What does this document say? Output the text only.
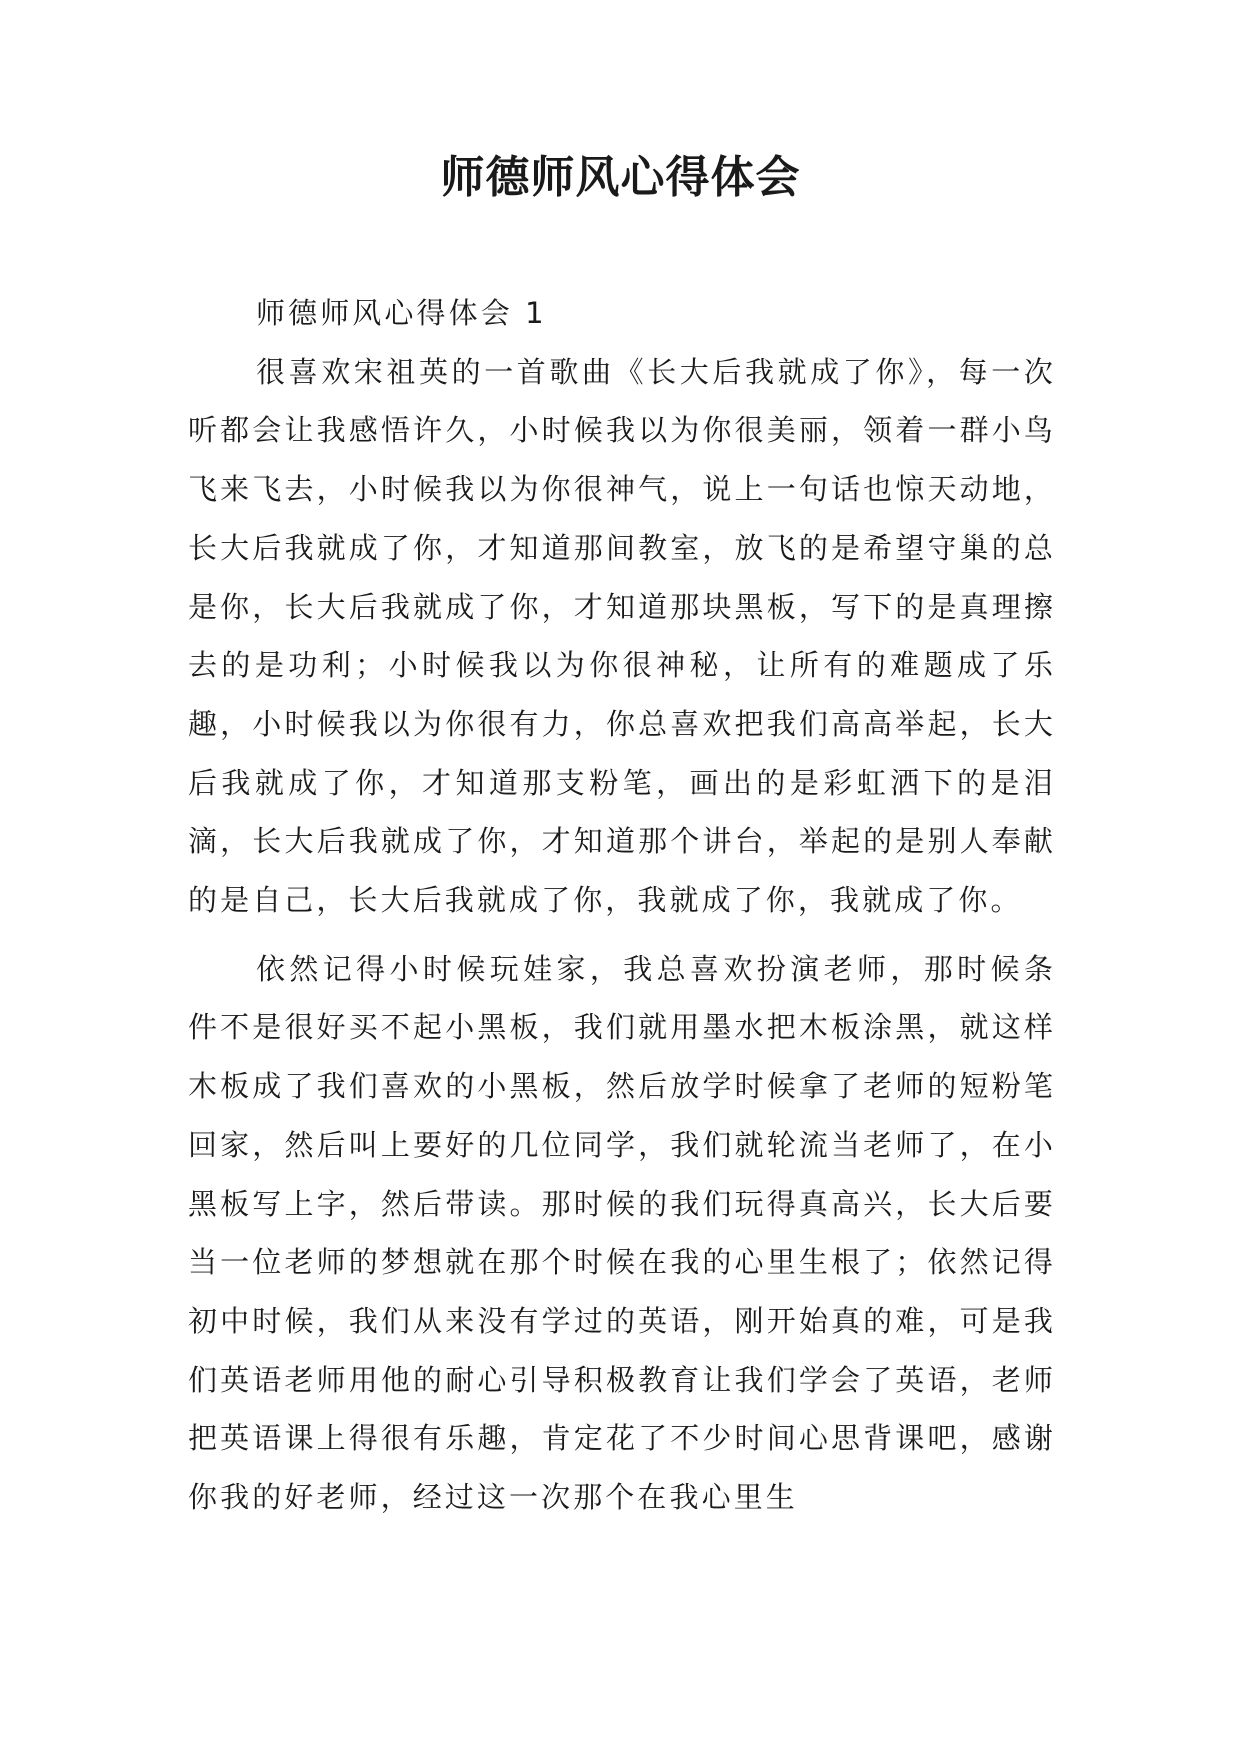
师德师风心得体会

师德师风心得体会 1

很喜欢宋祖英的一首歌曲《长大后我就成了你》，每一次听都会让我感悟许久，小时候我以为你很美丽，领着一群小鸟飞来飞去，小时候我以为你很神气，说上一句话也惊天动地，长大后我就成了你，才知道那间教室，放飞的是希望守巢的总是你，长大后我就成了你，才知道那块黑板，写下的是真理擦去的是功利；小时候我以为你很神秘，让所有的难题成了乐趣，小时候我以为你很有力，你总喜欢把我们高高举起，长大后我就成了你，才知道那支粉笔，画出的是彩虹洒下的是泪滴，长大后我就成了你，才知道那个讲台，举起的是别人奉献的是自己，长大后我就成了你，我就成了你，我就成了你。

依然记得小时候玩娃家，我总喜欢扮演老师，那时候条件不是很好买不起小黑板，我们就用墨水把木板涂黑，就这样木板成了我们喜欢的小黑板，然后放学时候拿了老师的短粉笔回家，然后叫上要好的几位同学，我们就轮流当老师了，在小黑板写上字，然后带读。那时候的我们玩得真高兴，长大后要当一位老师的梦想就在那个时候在我的心里生根了；依然记得初中时候，我们从来没有学过的英语，刚开始真的难，可是我们英语老师用他的耐心引导积极教育让我们学会了英语，老师把英语课上得很有乐趣，肯定花了不少时间心思背课吧，感谢你我的好老师，经过这一次那个在我心里生
